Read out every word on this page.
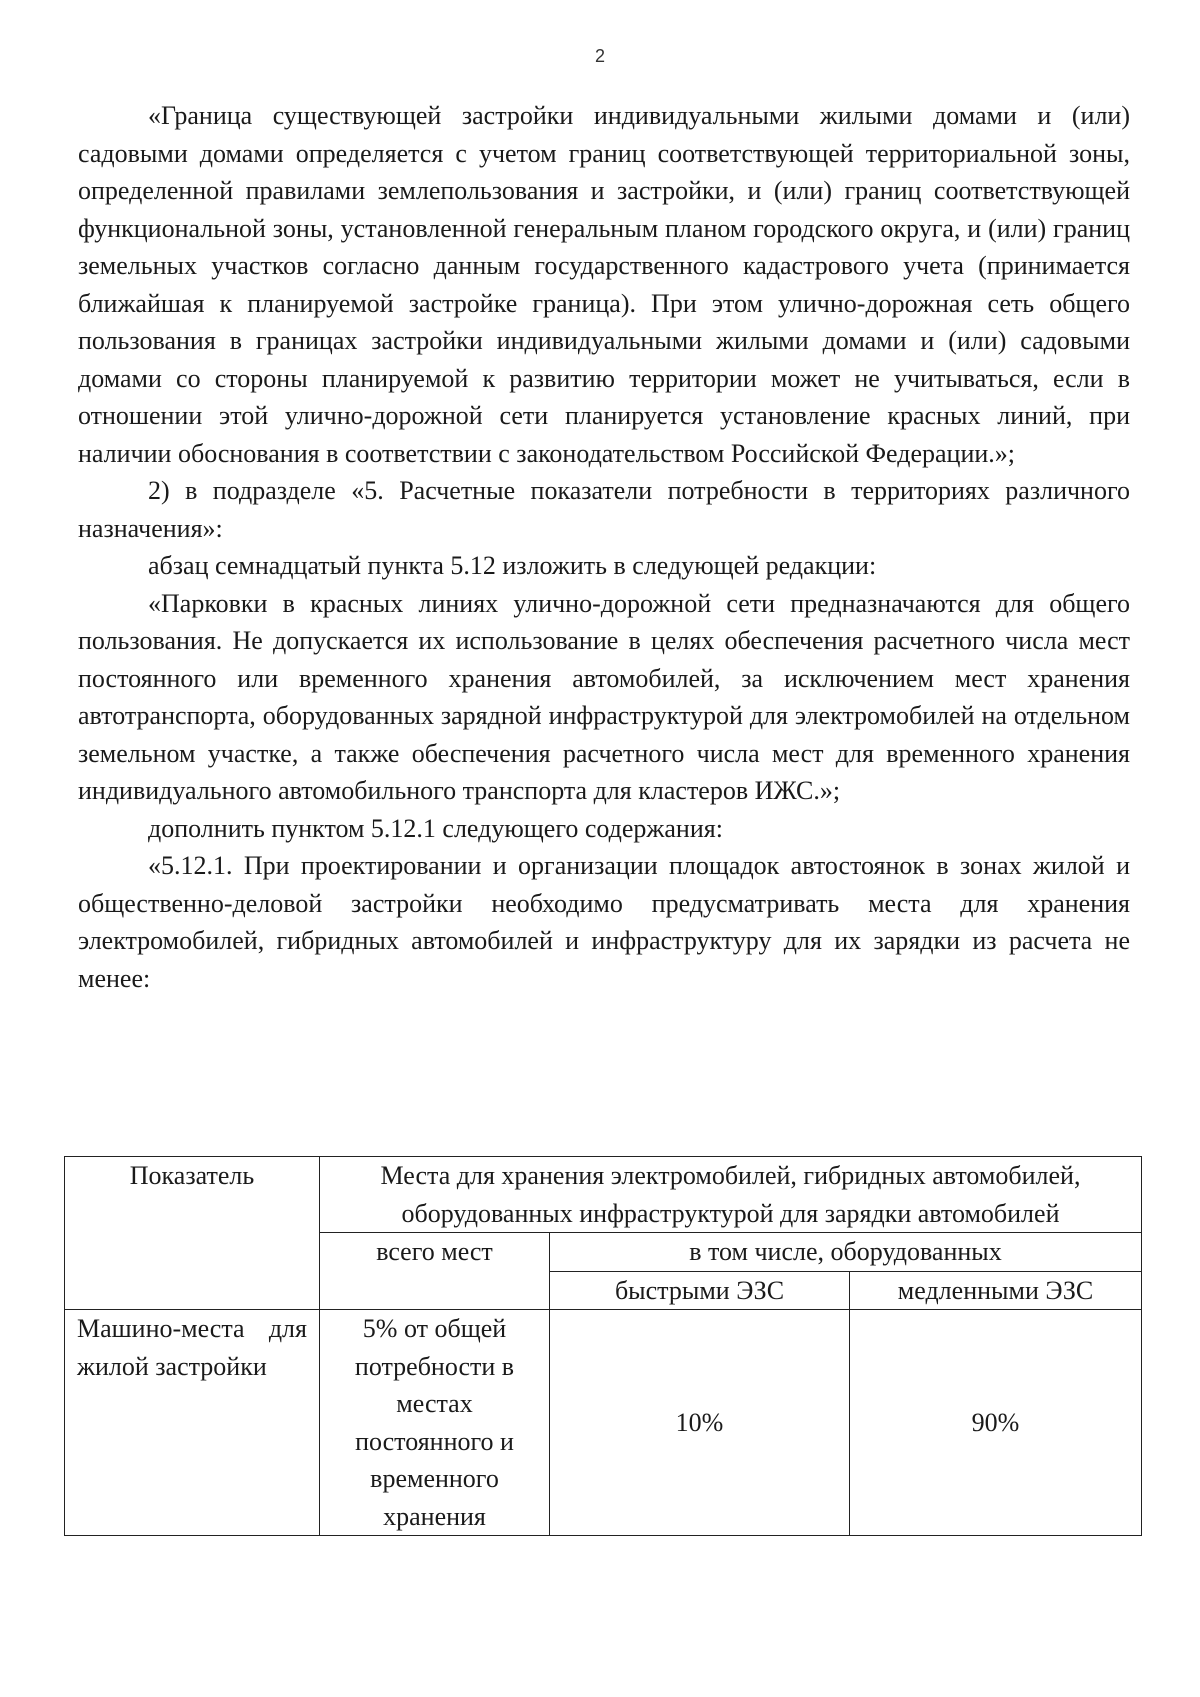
2

«Граница существующей застройки индивидуальными жилыми домами и (или) садовыми домами определяется с учетом границ соответствующей территориальной зоны, определенной правилами землепользования и застройки, и (или) границ соответствующей функциональной зоны, установленной генеральным планом городского округа, и (или) границ земельных участков согласно данным государственного кадастрового учета (принимается ближайшая к планируемой застройке граница). При этом улично-дорожная сеть общего пользования в границах застройки индивидуальными жилыми домами и (или) садовыми домами со стороны планируемой к развитию территории может не учитываться, если в отношении этой улично-дорожной сети планируется установление красных линий, при наличии обоснования в соответствии с законодательством Российской Федерации.»;

2) в подразделе «5. Расчетные показатели потребности в территориях различного назначения»:

абзац семнадцатый пункта 5.12 изложить в следующей редакции:

«Парковки в красных линиях улично-дорожной сети предназначаются для общего пользования. Не допускается их использование в целях обеспечения расчетного числа мест постоянного или временного хранения автомобилей, за исключением мест хранения автотранспорта, оборудованных зарядной инфраструктурой для электромобилей на отдельном земельном участке, а также обеспечения расчетного числа мест для временного хранения индивидуального автомобильного транспорта для кластеров ИЖС.»;

дополнить пунктом 5.12.1 следующего содержания:

«5.12.1. При проектировании и организации площадок автостоянок в зонах жилой и общественно-деловой застройки необходимо предусматривать места для хранения электромобилей, гибридных автомобилей и инфраструктуру для их зарядки из расчета не менее:

Показатель	Места для хранения электромобилей, гибридных автомобилей, оборудованных инфраструктурой для зарядки автомобилей		
	всего мест	в том числе, оборудованных	
		быстрыми ЭЗС	медленными ЭЗС
Машино-места для жилой застройки	5% от общей потребности в местах постоянного и временного хранения	10%	90%
